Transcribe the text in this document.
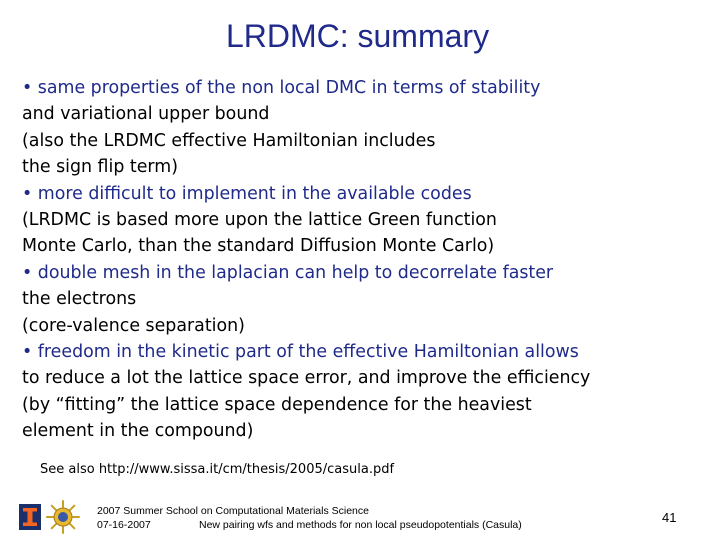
LRDMC: summary
• same properties of the non local DMC in terms of stability
and variational upper bound
(also the LRDMC effective Hamiltonian includes
the sign flip term)
• more difficult to implement in the available codes
(LRDMC is based more upon the lattice Green function
Monte Carlo, than the standard Diffusion Monte Carlo)
• double mesh in the laplacian can help to decorrelate faster
the electrons
(core-valence separation)
• freedom in the kinetic part of the effective Hamiltonian allows
to reduce a lot the lattice space error, and improve the efficiency
(by “fitting” the lattice space dependence for the heaviest
element in the compound)
See also http://www.sissa.it/cm/thesis/2005/casula.pdf
2007 Summer School on Computational Materials Science
07-16-2007	New pairing wfs and methods for non local pseudopotentials (Casula)	41
